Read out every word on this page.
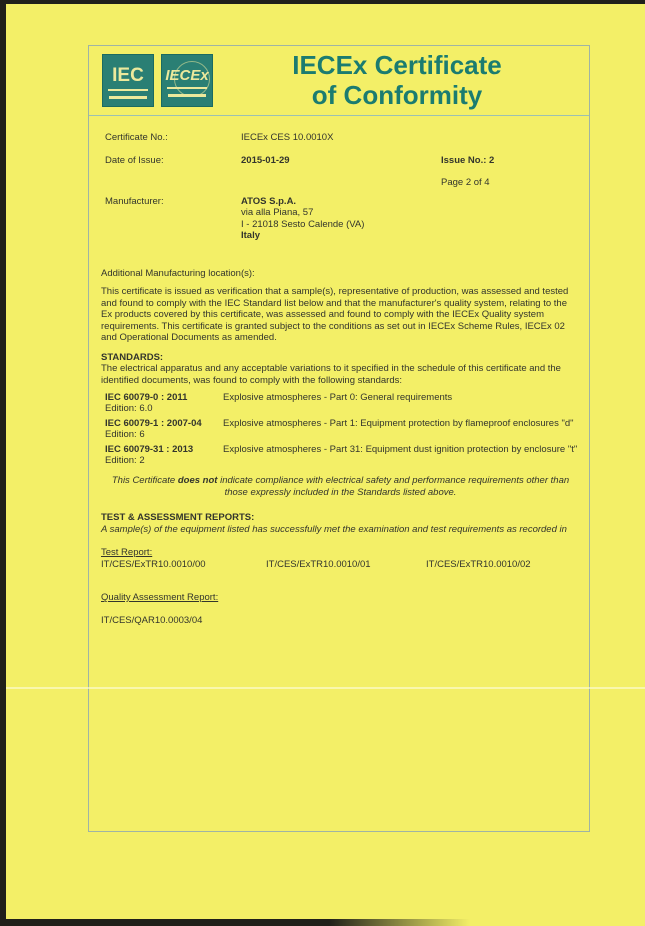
IEC IECEx	IECEx Certificate
of Conformity
Certificate No.:	IECEx CES 10.0010X
Date of Issue:	2015-01-29	Issue No.: 2
Page 2 of 4
Manufacturer:	ATOS S.p.A.
via alla Piana, 57
I - 21018 Sesto Calende (VA)
Italy
Additional Manufacturing location(s):
This certificate is issued as verification that a sample(s), representative of production, was assessed and tested and found to comply with the IEC Standard list below and that the manufacturer's quality system, relating to the Ex products covered by this certificate, was assessed and found to comply with the IECEx Quality system requirements. This certificate is granted subject to the conditions as set out in IECEx Scheme Rules, IECEx 02 and Operational Documents as amended.
STANDARDS:
The electrical apparatus and any acceptable variations to it specified in the schedule of this certificate and the identified documents, was found to comply with the following standards:
IEC 60079-0 : 2011
Edition: 6.0
Explosive atmospheres - Part 0: General requirements
IEC 60079-1 : 2007-04
Edition: 6
Explosive atmospheres - Part 1: Equipment protection by flameproof enclosures "d"
IEC 60079-31 : 2013
Edition: 2
Explosive atmospheres - Part 31: Equipment dust ignition protection by enclosure "t"
This Certificate does not indicate compliance with electrical safety and performance requirements other than those expressly included in the Standards listed above.
TEST & ASSESSMENT REPORTS:
A sample(s) of the equipment listed has successfully met the examination and test requirements as recorded in
Test Report:
IT/CES/ExTR10.0010/00	IT/CES/ExTR10.0010/01	IT/CES/ExTR10.0010/02
Quality Assessment Report:
IT/CES/QAR10.0003/04
